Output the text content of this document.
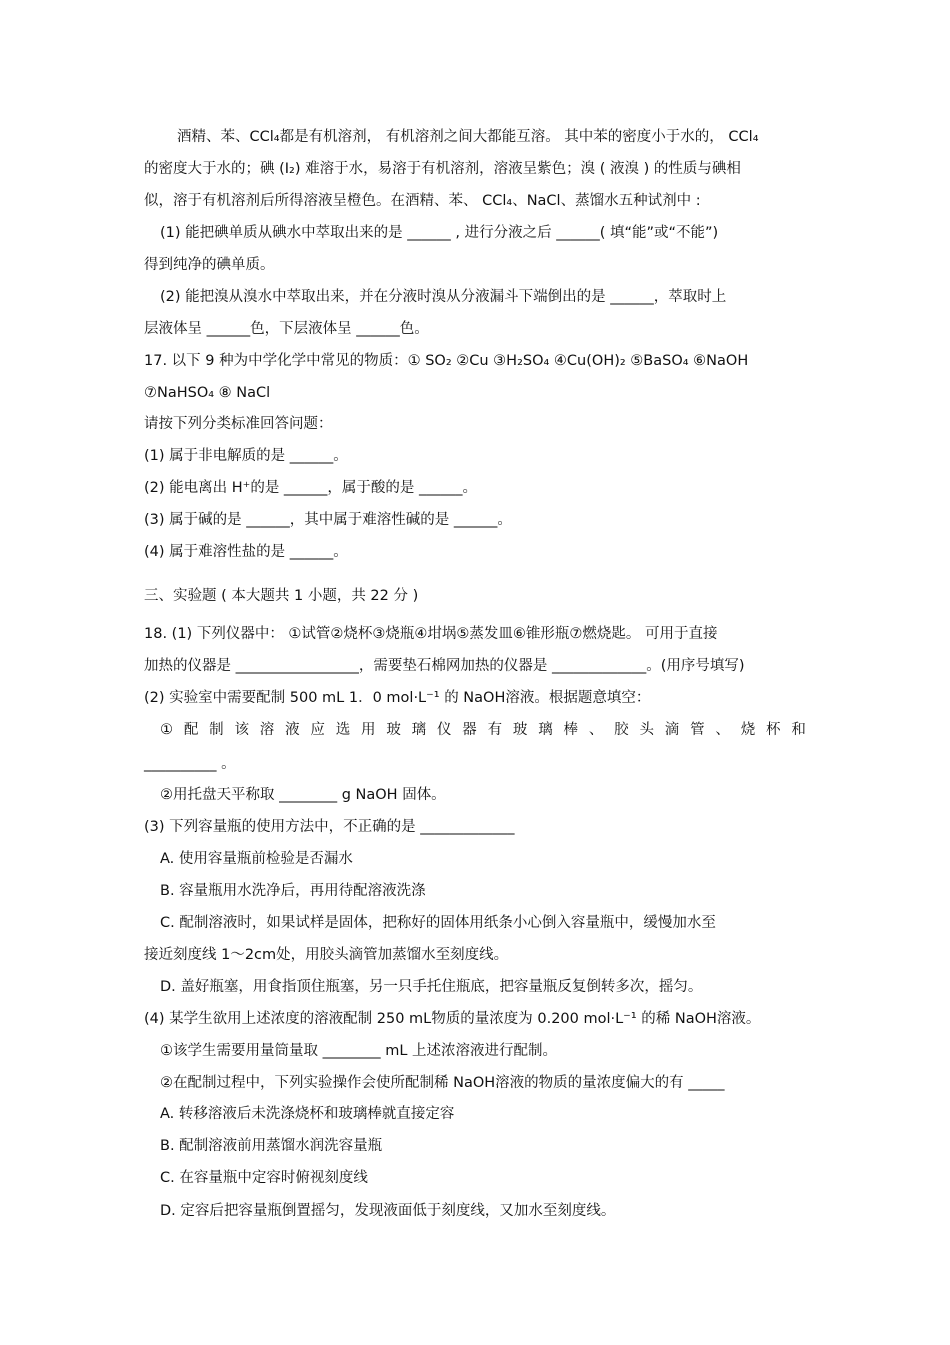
酒精、苯、CCl₄都是有机溶剂， 有机溶剂之间大都能互溶。 其中苯的密度小于水的， CCl₄
的密度大于水的；碘 (I₂) 难溶于水，易溶于有机溶剂，溶液呈紫色；溴 ( 液溴 ) 的性质与碘相
似，溶于有机溶剂后所得溶液呈橙色。在酒精、苯、 CCl₄、NaCl、蒸馏水五种试剂中 :
(1) 能把碘单质从碘水中萃取出来的是 ______ , 进行分液之后 ______( 填“能”或“不能”)
得到纯净的碘单质。
(2) 能把溴从溴水中萃取出来，并在分液时溴从分液漏斗下端倒出的是 ______，萃取时上
层液体呈 ______色，下层液体呈 ______色。
17. 以下 9 种为中学化学中常见的物质：① SO₂ ②Cu ③H₂SO₄ ④Cu(OH)₂ ⑤BaSO₄ ⑥NaOH
⑦NaHSO₄ ⑧ NaCl
请按下列分类标准回答问题：
(1) 属于非电解质的是 ______。
(2) 能电离出 H⁺的是 ______，属于酸的是 ______。
(3) 属于碱的是 ______，其中属于难溶性碱的是 ______。
(4) 属于难溶性盐的是 ______。
三、实验题 ( 本大题共 1 小题，共 22 分 )
18. (1) 下列仪器中： ①试管②烧杯③烧瓶④坩埚⑤蒸发皿⑥锥形瓶⑦燃烧匙。 可用于直接
加热的仪器是 _________________，需要垫石棉网加热的仪器是 _____________。(用序号填写)
(2) 实验室中需要配制 500 mL 1．0 mol·L⁻¹ 的 NaOH溶液。根据题意填空：
① 配 制 该 溶 液 应 选 用 玻 璃 仪 器 有 玻 璃 棒 、 胶 头 滴 管 、 烧 杯 和
__________ 。
②用托盘天平称取 ________ g NaOH 固体。
(3) 下列容量瓶的使用方法中，不正确的是 _____________
A. 使用容量瓶前检验是否漏水
B. 容量瓶用水洗净后，再用待配溶液洗涤
C. 配制溶液时，如果试样是固体，把称好的固体用纸条小心倒入容量瓶中，缓慢加水至
接近刻度线 1～2cm处，用胶头滴管加蒸馏水至刻度线。
D. 盖好瓶塞，用食指顶住瓶塞，另一只手托住瓶底，把容量瓶反复倒转多次，摇匀。
(4) 某学生欲用上述浓度的溶液配制 250 mL物质的量浓度为 0.200 mol·L⁻¹ 的稀 NaOH溶液。
①该学生需要用量筒量取 ________ mL 上述浓溶液进行配制。
②在配制过程中，下列实验操作会使所配制稀 NaOH溶液的物质的量浓度偏大的有 _____
A. 转移溶液后未洗涤烧杯和玻璃棒就直接定容
B. 配制溶液前用蒸馏水润洗容量瓶
C. 在容量瓶中定容时俯视刻度线
D. 定容后把容量瓶倒置摇匀，发现液面低于刻度线，又加水至刻度线。
